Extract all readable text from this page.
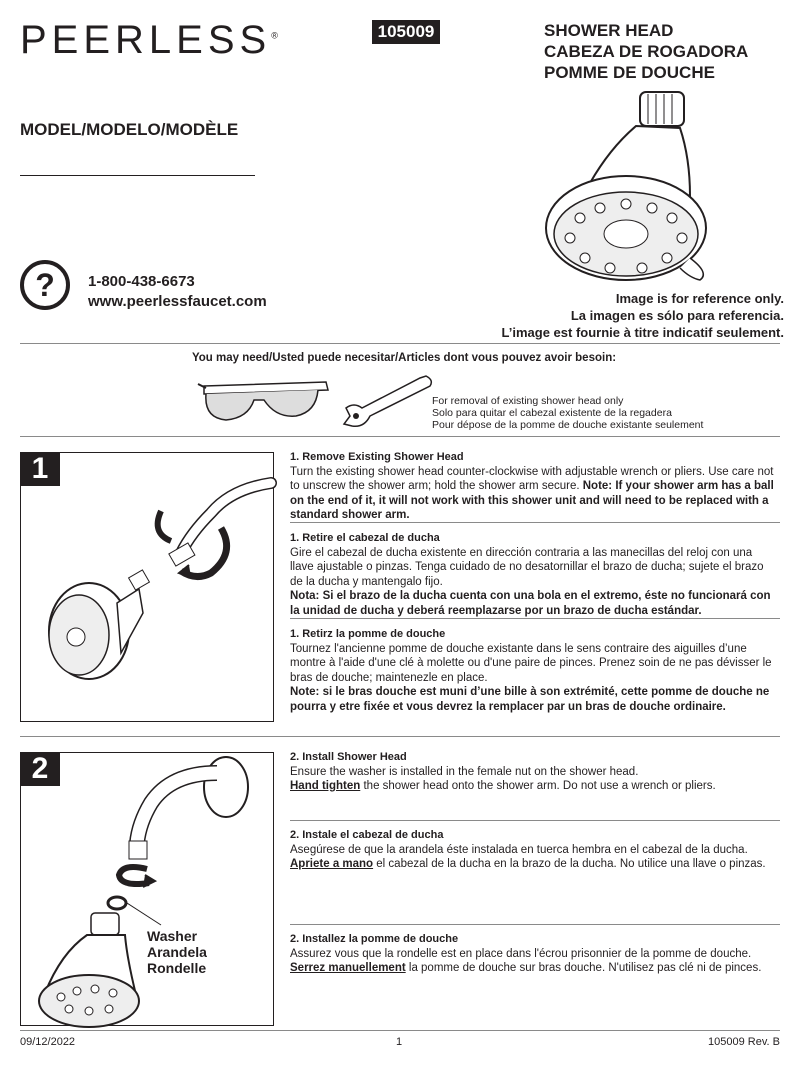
PEERLESS®	105009	SHOWER HEAD
CABEZA DE ROGADORA
POMME DE DOUCHE
MODEL/MODELO/MODÈLE
? 1-800-438-6673
www.peerlessfaucet.com	Image is for reference only.
La imagen es sólo para referencia.
L’image est fournie à titre indicatif seulement.
You may need/Usted puede necesitar/Articles dont vous pouvez avoir besoin:
For removal of existing shower head only
Solo para quitar el cabezal existente de la regadera
Pour dépose de la pomme de douche existante seulement
1	1. Remove Existing Shower Head
Turn the existing shower head counter-clockwise with adjustable wrench or pliers. Use care not to unscrew the shower arm; hold the shower arm secure. Note: If your shower arm has a ball on the end of it, it will not work with this shower unit and will need to be replaced with a standard shower arm.
1. Retire el cabezal de ducha
Gire el cabezal de ducha existente en dirección contraria a las manecillas del reloj con una llave ajustable o pinzas. Tenga cuidado de no desatornillar el brazo de ducha; sujete el brazo de la ducha y mantengalo fijo.
Nota: Si el brazo de la ducha cuenta con una bola en el extremo, éste no funcionará con la unidad de ducha y deberá reemplazarse por un brazo de ducha estándar.
1. Retirz la pomme de douche
Tournez l'ancienne pomme de douche existante dans le sens contraire des aiguilles d’une montre à l'aide d'une clé à molette ou d'une paire de pinces. Prenez soin de ne pas dévisser le bras de douche; maintenezle en place.
Note: si le bras douche est muni d’une bille à son extrémité, cette pomme de douche ne pourra y etre fixée et vous devrez la remplacer par un bras de douche ordinaire.
2
Washer
Arandela
Rondelle
2. Install Shower Head
Ensure the washer is installed in the female nut on the shower head.
Hand tighten the shower head onto the shower arm. Do not use a wrench or pliers.
2. Instale el cabezal de ducha
Asegúrese de que la arandela éste instalada en tuerca hembra en el cabezal de la ducha.
Apriete a mano el cabezal de la ducha en la brazo de la ducha. No utilice una llave o pinzas.
2. Installez la pomme de douche
Assurez vous que la rondelle est en place dans l'écrou prisonnier de la pomme de douche.
Serrez manuellement la pomme de douche sur bras douche. N'utilisez pas clé ni de pinces.
09/12/2022	1	105009 Rev. B
